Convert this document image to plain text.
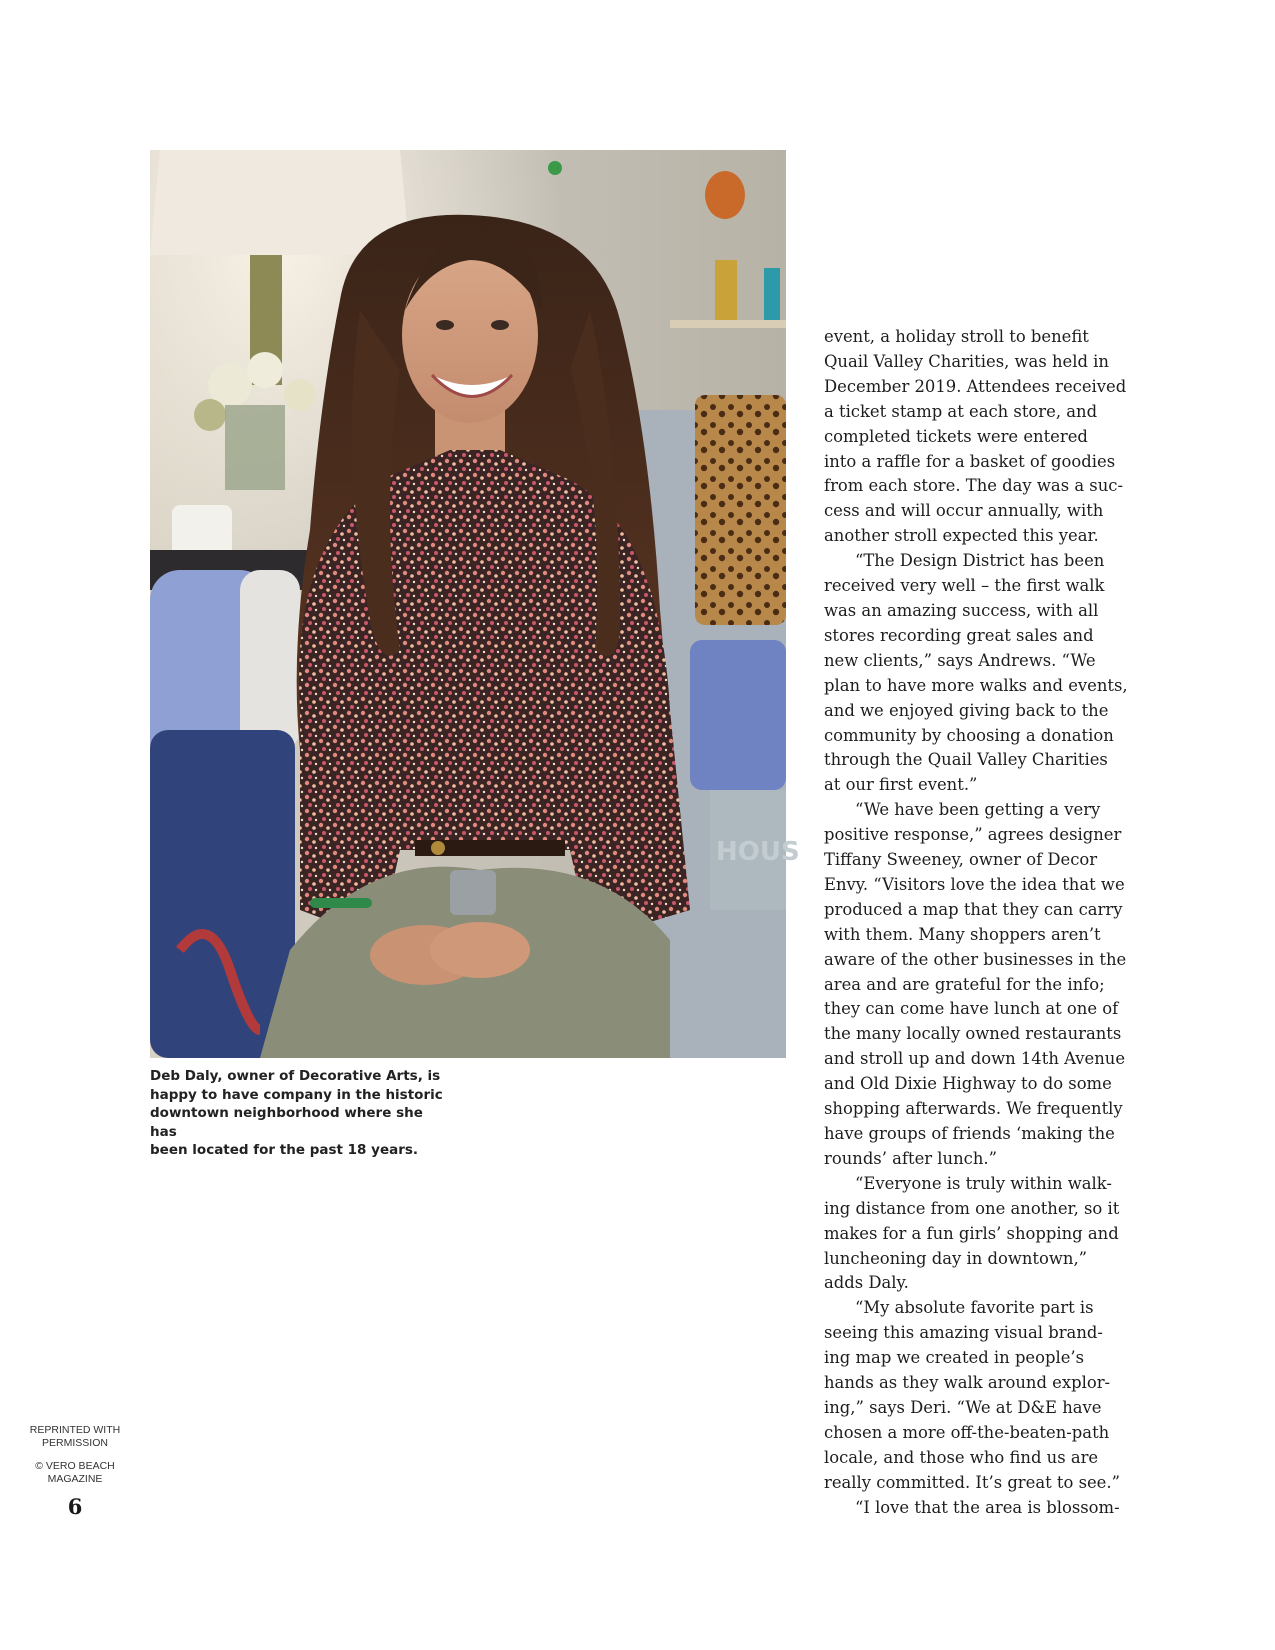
HOUS
Deb Daly, owner of Decorative Arts, is
happy to have company in the historic
downtown neighborhood where she has
been located for the past 18 years.

event, a holiday stroll to benefit

Quail Valley Charities, was held in

December 2019. Attendees received

a ticket stamp at each store, and

completed tickets were entered

into a raffle for a basket of goodies

from each store. The day was a suc-

cess and will occur annually, with

another stroll expected this year.

“The Design District has been

received very well – the first walk

was an amazing success, with all

stores recording great sales and

new clients,” says Andrews. “We

plan to have more walks and events,

and we enjoyed giving back to the

community by choosing a donation

through the Quail Valley Charities

at our first event.”

“We have been getting a very

positive response,” agrees designer

Tiffany Sweeney, owner of Decor

Envy. “Visitors love the idea that we

produced a map that they can carry

with them. Many shoppers aren’t

aware of the other businesses in the

area and are grateful for the info;

they can come have lunch at one of

the many locally owned restaurants

and stroll up and down 14th Avenue

and Old Dixie Highway to do some

shopping afterwards. We frequently

have groups of friends ‘making the

rounds’ after lunch.”

“Everyone is truly within walk-

ing distance from one another, so it

makes for a fun girls’ shopping and

luncheoning day in downtown,”

adds Daly.

“My absolute favorite part is

seeing this amazing visual brand-

ing map we created in people’s

hands as they walk around explor-

ing,” says Deri. “We at D&E have

chosen a more off-the-beaten-path

locale, and those who find us are

really committed. It’s great to see.”

“I love that the area is blossom-

REPRINTED WITH PERMISSION
© VERO BEACH MAGAZINE
6
